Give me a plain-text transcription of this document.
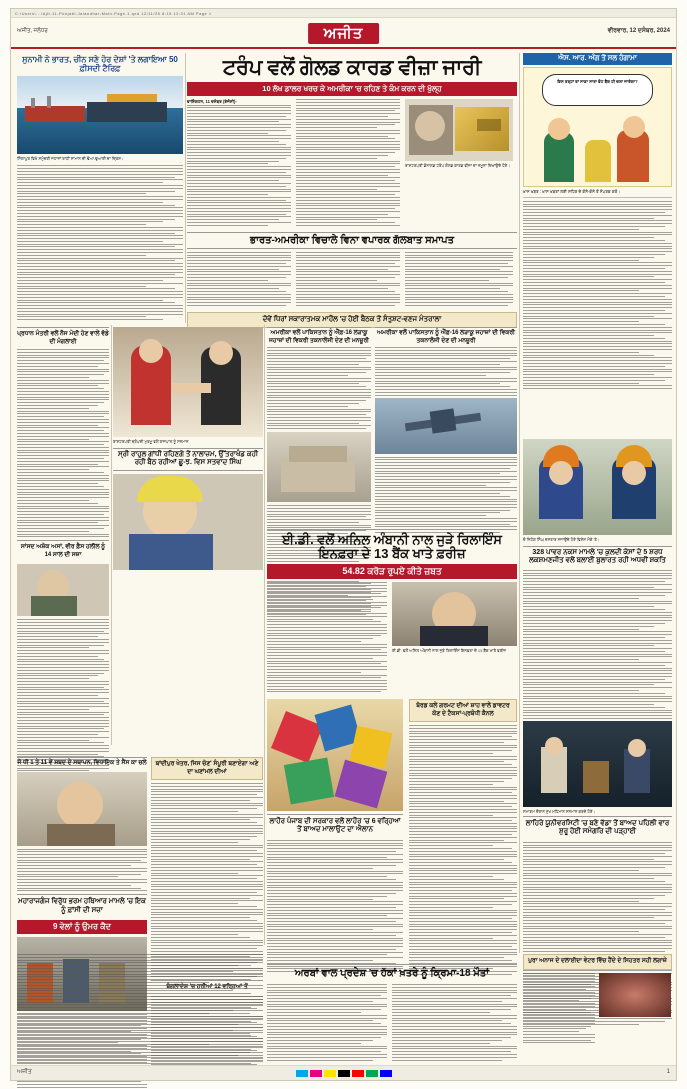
C:\Users\...\Ajit-11-Punjabi-Jalandhar-Main-Page-1.qxd 12/11/25 8:15 12:31 AM Page 1
ਅਜੀਤ, ਜਲੰਧਰ	ਅਜੀਤ	ਵੀਰਵਾਰ, 12 ਦਸੰਬਰ, 2024
ਸੁਨਾਮੀ ਨੇ ਭਾਰਤ, ਚੀਨ ਸਣੇ ਹੋਰ ਦੇਸ਼ਾਂ 'ਤੇ ਲਗਾਇਆ 50 ਫ਼ੀਸਦੀ ਟੈਰਿਫ਼
ਸਿੰਗਾਪੁਰ ਵਿਖੇ ਸਮੁੰਦਰੀ ਜਹਾਜ਼ਾਂ ਰਾਹੀਂ ਸਾਮਾਨ ਦੀ ਢੋਆ-ਢੁਆਈ ਦਾ ਦ੍ਰਿਸ਼।
ਟਰੰਪ ਵਲੋਂ ਗੋਲਡ ਕਾਰਡ ਵੀਜ਼ਾ ਜਾਰੀ
10 ਲੱਖ ਡਾਲਰ ਖਰਚ ਕੇ ਅਮਰੀਕਾ 'ਚ ਰਹਿਣ ਤੇ ਕੰਮ ਕਰਨ ਦੀ ਖੁੱਲ੍ਹ
ਵਾਸ਼ਿੰਗਟਨ, 11 ਦਸੰਬਰ (ਏਜੰਸੀ)-
ਰਾਸ਼ਟਰਪਤੀ ਡੋਨਾਲਡ ਟਰੰਪ ਗੋਲਡ ਕਾਰਡ ਵੀਜ਼ਾ ਦਾ ਨਮੂਨਾ ਦਿਖਾਉਂਦੇ ਹੋਏ।
ਭਾਰਤ-ਅਮਰੀਕਾ ਵਿਚਾਲੇ ਵਿਨਾ ਵਪਾਰਕ ਗੱਲਬਾਤ ਸਮਾਪਤ
ਦੋਵੇਂ ਧਿਰਾਂ ਸਕਾਰਾਤਮਕ ਮਾਹੌਲ 'ਚ ਹੋਈ ਬੈਠਕ ਤੋਂ ਸੰਤੁਸ਼ਟ-ਵਣਜ ਮੰਤਰਾਲਾ
ਐਸ. ਆਰ. ਅੰਗ ਤੋਂ ਸਲ ਹੰਗਾਮਾ
ਇਸ ਤਰ੍ਹਾਂ ਤਾਂ ਸਾਡਾ ਸਾਰਾ ਵੋਟ ਬੈਂਕ ਹੀ ਚਲਾ ਜਾਏਗਾ?
ਖ਼ਾਸ ਖ਼ਬਰ : ਖ਼ਾਸ ਖ਼ਬਰਾਂ ਲਈ ਸ਼ਹਿਰ ਦੇ ਕੋਨੇ-ਕੋਨੇ ਤੋਂ ਸੰਪਰਕ ਕਰੋ।
ਪ੍ਰਧਾਨ ਮੰਤਰੀ ਵਲੋਂ ਨੌਜ ਮੋਦੀ ਹੋਣ ਵਾਲੇ ਵੱਡੇ ਦੀ ਮੰਗਲਾਈ
ਸਾਂਸਦ ਅਸ਼ੋਕ ਅਸਾਂ, ਵੀਰ ਫ਼ੈਸ ਹਲੀਲ ਨੂੰ 14 ਸਾਲ ਦੀ ਸਜ਼ਾ
ਰਾਸ਼ਟਰਪਤੀ ਦ੍ਰੋਪਦੀ ਮੁਰਮੂ ਵਲੋਂ ਰਾਜਪਾਲ ਨੂੰ ਸਨਮਾਨ
ਸ੍ਰੀ ਰਾਹੁਲ ਗਾਂਧੀ ਰਹਿਣਗੇ ਤੋਂ ਨਾਲਾਜ਼ਮ, ਉੱਤਰਾਖੰਡ ਕਹੀ ਰਹੀ ਬੈਠ ਰਹੀਆਂ ਛੂ-ਝ. ਵਿਸ ਸਤਵਾਦ ਸਿੰਘ
ਅਮਰੀਕਾ ਵਲੋਂ ਪਾਕਿਸਤਾਨ ਨੂੰ ਐੱਫ਼-16 ਲੜਾਕੂ ਜਹਾਜ਼ਾਂ ਦੀ ਵਿਕਰੀ ਤਕਨਾਲੋਜੀ ਦੇਣ ਦੀ ਮਨਜ਼ੂਰੀ
ਅਮਰੀਕਾ ਵਲੋਂ ਪਾਕਿਸਤਾਨ ਨੂੰ ਐੱਫ਼-16 ਲੜਾਕੂ ਜਹਾਜ਼ਾਂ ਦੀ ਵਿਕਰੀ ਤਕਨਾਲੋਜੀ ਦੇਣ ਦੀ ਮਨਜ਼ੂਰੀ
ਦੋ ਨਿਹੰਗ ਸਿੰਘ ਦਸਤਾਰ ਸਜਾਉਂਦੇ ਹੋਏ ਵਿਸ਼ੇਸ਼ ਮੌਕੇ 'ਤੇ।
328 ਪਾਵਰ ਨਕਸ ਮਾਮਲੇ 'ਚ ਕੁਲਦੀ ਕੇਸਾਂ ਦੇ 5 ਸ਼ਰਧ ਲਕਸ਼ਮਣਜੀਤ ਵਲੋਂ ਬਲਾਈਂ ਬੁਲਾਰਤ ਰਹੀ ਅਧਵੀਂ ਸ਼ਕਤਿ
ਈ.ਡੀ. ਵਲੋਂ ਅਨਿਲ ਅੰਬਾਨੀ ਨਾਲ ਜੁੜੇ ਰਿਲਾਇੰਸ ਇਨਫ਼ਰਾ ਦੇ 13 ਬੈਂਕ ਖਾਤੇ ਫ਼ਰੀਜ਼
54.82 ਕਰੋੜ ਰੁਪਏ ਕੀਤੇ ਜ਼ਬਤ
ਈ.ਡੀ. ਵਲੋਂ ਅਨਿਲ ਅੰਬਾਨੀ ਨਾਲ ਜੁੜੇ ਰਿਲਾਇੰਸ ਇਨਫ਼ਰਾ ਦੇ 13 ਬੈਂਕ ਖਾਤੇ ਫ਼ਰੀਜ਼
ਜੋ ਧੀ 1 ਤੇ 11 ਵੇਂ ਸ਼ਬਦ ਦੇ ਸਥਾਪਨ, ਵਿਧਾਇਕ ਤੇ ਸੈਂਸ ਕਾ ਚਲੇ
ਮਹਾਰਾਜਗੰਜ ਵਿਰੁੱਧ ਭਰਮ ਹਥਿਆਰ ਮਾਮਲੇ 'ਚ ਇਕ ਨੂੰ ਫ਼ਾਂਸੀ ਦੀ ਸਜ਼ਾ
9 ਵੇਲਾਂ ਨੂੰ ਉਮਰ ਕੈਦ
ਬਾਂਦੀਪੁਰ ਖੇਤਰ, ਜਿਸ ਚੋਣ' ਸੰਪੂਰੀ ਬਣਾਏਗਾ ਅਣੇ ਦਾ ਘਣਾਂਮਲ ਦੀਆਂ
ਲਾਹੌਰ ਪੰਜਾਬ ਦੀ ਸਰਕਾਰ ਵਲੋਂ ਲਾਹੌਰ 'ਚ 6 ਵਰ੍ਹਿਆਂ ਤੋਂ ਬਾਅਦ ਮਾਲਾਉਟ ਦਾ ਐਲਾਨ
ਬੋਰਡ ਕਲੇ ਗਰਮਟ ਦੀਆਂ ਸ਼ਾਹ ਵਾਲੇ ਡਾਵਟਰ ਕੋਣ ਦੇ ਟੈਕਸਾਂ-ਪ੍ਰਬੰਧੀ ਕੈਨਲ
ਸਮਾਗਮ ਦੌਰਾਨ ਮੁੱਖ ਮਹਿਮਾਨ ਸਨਮਾਨ ਕਰਦੇ ਹੋਏ।
ਲਾਹਿਰੇ ਯੂਨੀਵਰਸਿਟੀ 'ਚ ਬਣੇ ਵੱਡਾ ਤੋਂ ਬਾਅਦ ਪਹਿਲੀ ਵਾਰ ਸ਼ੁਰੂ ਹੋਈ ਸਮੰਗਰਿ ਦੀ ਪੜ੍ਹਾਈ
ਅਰਬਾਂ ਵਾਲ ਪ੍ਰਦੇਸ਼ 'ਚ ਹੱਕਾਂ ਖ਼ਤਰੇ ਨੂੰ ਕ੍ਰਿਮਾ-18 ਮੌਤਾਂ
ਪੁਰਾ ਅਨਾਜ ਦੇ ਦਲਾਈਦਾ ਵੇਟਰ ਵਿੱਚ ਹੈਂਦੇ ਦੇ ਸਿਹਤਰ ਸਹੀ ਲਗਾਜ਼ੇ
ਅਜੀਤ	1
